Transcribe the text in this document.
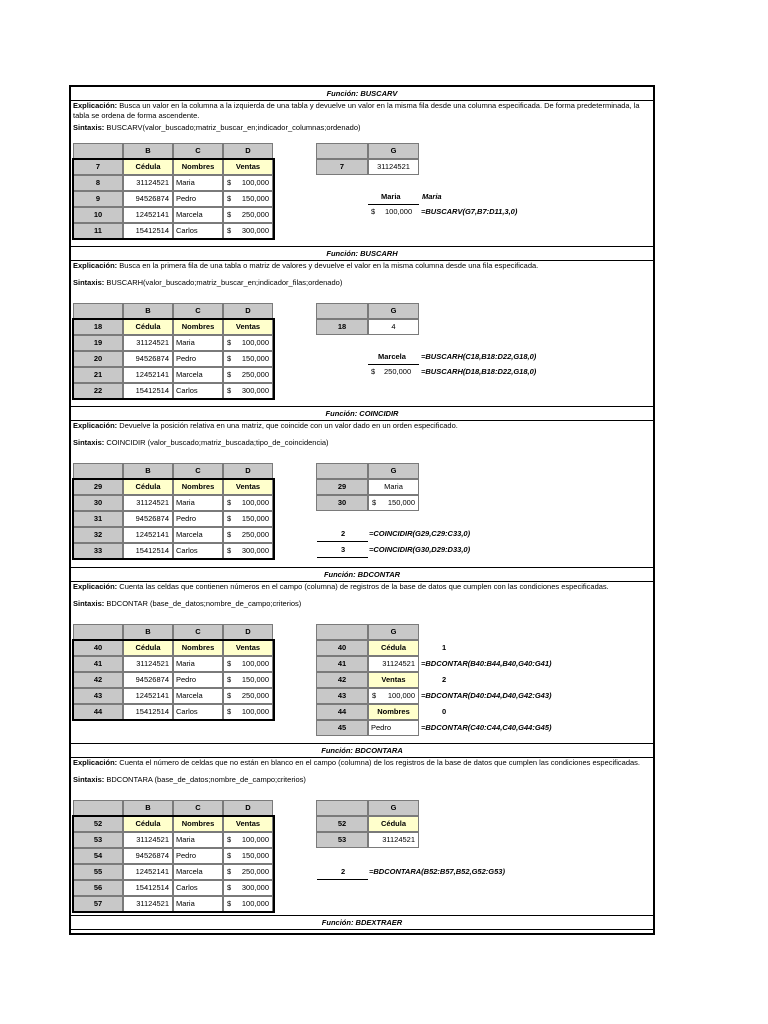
Función: BUSCARV
Explicación: Busca un valor en la columna a la izquierda de una tabla y devuelve un valor en la misma fila desde una columna especificada. De forma predeterminada, la tabla se ordena de forma ascendente.
Sintaxis: BUSCARV(valor_buscado;matriz_buscar_en;indicador_columnas;ordenado)
B	C	D
7	Cédula	Nombres	Ventas
8	31124521 Maria	$ 100,000
9	94526874 Pedro	$ 150,000
10	12452141 Marcela	$ 250,000
11	15412514 Carlos	$ 300,000
G
7	31124521
Maria	Maria
$ 100,000 =BUSCARV(G7,B7:D11,3,0)
Función: BUSCARH
Explicación: Busca en la primera fila de una tabla o matriz de valores y devuelve el valor en la misma columna desde una fila especificada.
Sintaxis: BUSCARH(valor_buscado;matriz_buscar_en;indicador_filas;ordenado)
B	C	D
18	Cédula	Nombres	Ventas
19	31124521 Maria	$ 100,000
20	94526874 Pedro	$ 150,000
21	12452141 Marcela	$ 250,000
22	15412514 Carlos	$ 300,000
G
18	4
Marcela =BUSCARH(C18,B18:D22,G18,0)
$ 250,000 =BUSCARH(D18,B18:D22,G18,0)
Función: COINCIDIR
Explicación: Devuelve la posición relativa en una matriz, que coincide con un valor dado en un orden especificado.
Sintaxis: COINCIDIR (valor_buscado;matriz_buscada;tipo_de_coincidencia)
B	C	D
29	Cédula	Nombres	Ventas
30	31124521 Maria	$ 100,000
31	94526874 Pedro	$ 150,000
32	12452141 Marcela	$ 250,000
33	15412514 Carlos	$ 300,000
G
29	Maria
30	$ 150,000
2	=COINCIDIR(G29,C29:C33,0)
3	=COINCIDIR(G30,D29:D33,0)
Función: BDCONTAR
Explicación: Cuenta las celdas que contienen números en el campo (columna) de registros de la base de datos que cumplen con las condiciones especificadas.
Sintaxis: BDCONTAR (base_de_datos;nombre_de_campo;criterios)
B	C	D
40	Cédula	Nombres	Ventas
41	31124521 Maria	$ 100,000
42	94526874 Pedro	$ 150,000
43	12452141 Marcela	$ 250,000
44	15412514 Carlos	$ 100,000
G
40	Cédula	1
41	31124521 =BDCONTAR(B40:B44,B40,G40:G41)
42	Ventas	2
43	$ 100,000 =BDCONTAR(D40:D44,D40,G42:G43)
44	Nombres	0
45	Pedro	=BDCONTAR(C40:C44,C40,G44:G45)
Función: BDCONTARA
Explicación: Cuenta el número de celdas que no están en blanco en el campo (columna) de los registros de la base de datos que cumplen las condiciones especificadas.
Sintaxis: BDCONTARA (base_de_datos;nombre_de_campo;criterios)
B	C	D
52	Cédula	Nombres	Ventas
53	31124521 Maria	$ 100,000
54	94526874 Pedro	$ 150,000
55	12452141 Marcela	$ 250,000
56	15412514 Carlos	$ 300,000
57	31124521 Maria	$ 100,000
G
52	Cédula
53	31124521
2	=BDCONTARA(B52:B57,B52,G52:G53)
Función: BDEXTRAER
